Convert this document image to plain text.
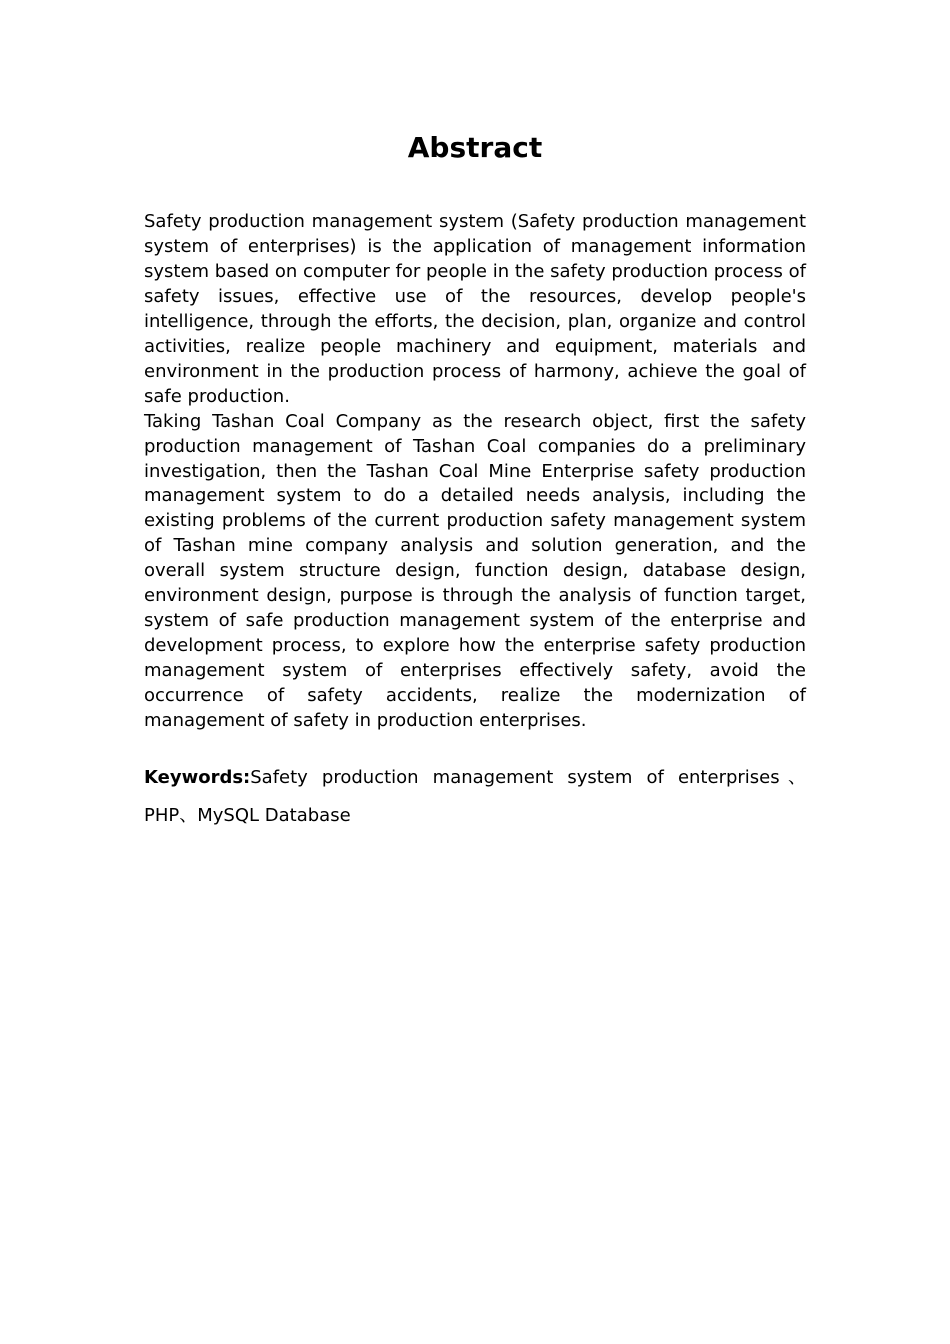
Abstract

Safety production management system (Safety production management system of enterprises) is the application of management information system based on computer for people in the safety production process of safety issues, effective use of the resources, develop people's intelligence, through the efforts, the decision, plan, organize and control activities, realize people machinery and equipment, materials and environment in the production process of harmony, achieve the goal of safe production.

Taking Tashan Coal Company as the research object, first the safety production management of Tashan Coal companies do a preliminary investigation, then the Tashan Coal Mine Enterprise safety production management system to do a detailed needs analysis, including the existing problems of the current production safety management system of Tashan mine company analysis and solution generation, and the overall system structure design, function design, database design, environment design, purpose is through the analysis of function target, system of safe production management system of the enterprise and development process, to explore how the enterprise safety production management system of enterprises effectively safety, avoid the occurrence of safety accidents, realize the modernization of management of safety in production enterprises.

Keywords:Safety production management system of enterprises、PHP、MySQL Database
